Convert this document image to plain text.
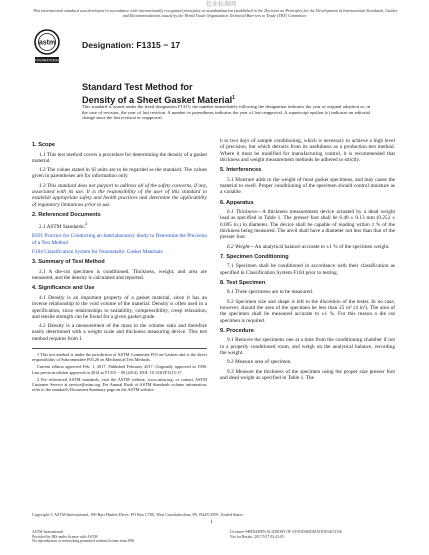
起业标准网
This international standard was developed in accordance with internationally recognized principles on standardization established in the Decision on Principles for the Development of International Standards, Guides and Recommendations issued by the World Trade Organization Technical Barriers to Trade (TBT) Committee.
astm
INTERNATIONAL
Designation: F1315 − 17
Standard Test Method for
Density of a Sheet Gasket Material$^1$
This standard is issued under the fixed designation F1315; the number immediately following the designation indicates the year of original adoption or, in the case of revision, the year of last revision. A number in parentheses indicates the year of last reapproval. A superscript epsilon (ε) indicates an editorial change since the last revision or reapproval.
1. Scope

1.1 This test method covers a procedure for determining the density of a gasket material.

1.2 The values stated in SI units are to be regarded as the standard. The values given in parentheses are for information only.

1.3 This standard does not purport to address all of the safety concerns, if any, associated with its use. It is the responsibility of the user of this standard to establish appropriate safety and health practices and determine the applicability of regulatory limitations prior to use.

2. Referenced Documents

2.1 ASTM Standards:$^2$

E691 Practice for Conducting an Interlaboratory Study to Determine the Precision of a Test Method

F104 Classification System for Nonmetallic Gasket Materials

3. Summary of Test Method

3.1 A die-cut specimen is conditioned. Thickness, weight, and area are measured, and the density is calculated and reported.

4. Significance and Use

4.1 Density is an important property of a gasket material, since it has an inverse relationship to the void volume of the material. Density is often used in a specification, since relationships to sealability, compressibility, creep relaxation, and tensile strength can be found for a given gasket grade.

4.2 Density is a measurement of the mass to the volume ratio and therefore easily determined with a weight scale and thickness measuring device. This test method requires from 1

1 This test method is under the jurisdiction of ASTM Committee F03 on Gaskets and is the direct responsibility of Subcommittee F03.20 on Mechanical Test Methods.

Current edition approved Feb. 1, 2017. Published February 2017. Originally approved in 1990. Last previous edition approved in 2014 as F1315 − 00 (2014). DOI: 10.1520/F1315-17.

2 For referenced ASTM standards, visit the ASTM website, www.astm.org, or contact ASTM Customer Service at service@astm.org. For Annual Book of ASTM Standards volume information, refer to the standard's Document Summary page on the ASTM website.

h to two days of sample conditioning, which is necessary to achieve a high level of precision, but which detracts from its usefulness as a production test method. Where it must be modified for manufacturing control, it is recommended that thickness and weight measurement methods be adhered to strictly.

5. Interferences

5.1 Moisture adds to the weight of most gasket specimens, and may cause the material to swell. Proper conditioning of the specimen should control moisture as a variable.

6. Apparatus

6.1 Thickness—A thickness measurement device actuated by a dead weight load as specified in Table 1. The presser foot shall be 6.40 ± 0.13 mm (0.252 ± 0.005 in.) in diameter. The device shall be capable of reading within 1 % of the thickness being measured. The anvil shall have a diameter not less than that of the presser foot.

6.2 Weight—An analytical balance accurate to ±1 % of the specimen weight.

7. Specimen Conditioning

7.1 Specimen shall be conditioned in accordance with their classification as specified in Classification System F104 prior to testing.

8. Test Specimen

8.1 Three specimens are to be measured.

8.2 Specimen size and shape is left to the discretion of the tester. In no case, however, should the area of the specimen be less than 25 in² (4 in²). The area of the specimen shall be measured accurate to ±1 %. For this reason a die cut specimen is required.

9. Procedure

9.1 Remove the specimens one at a time from the conditioning chamber if not in a properly conditioned room, and weigh on the analytical balance, recording the weight.

9.2 Measure area of specimen.

9.3 Measure the thickness of the specimen using the proper size presser foot and dead weight as specified in Table 1. The

Copyright © ASTM International, 100 Barr Harbor Drive, PO Box C700, West Conshohocken, PA 19428-2959. United States
1
ASTM International
Provided by IHS under license with ASTM
No reproduction or networking permitted without license from IHS
Licensee=SHENZHEN ACADEMY OF STANDARDIZATION 6672156
Not for Resale, 2017/5/17 03:41:05
